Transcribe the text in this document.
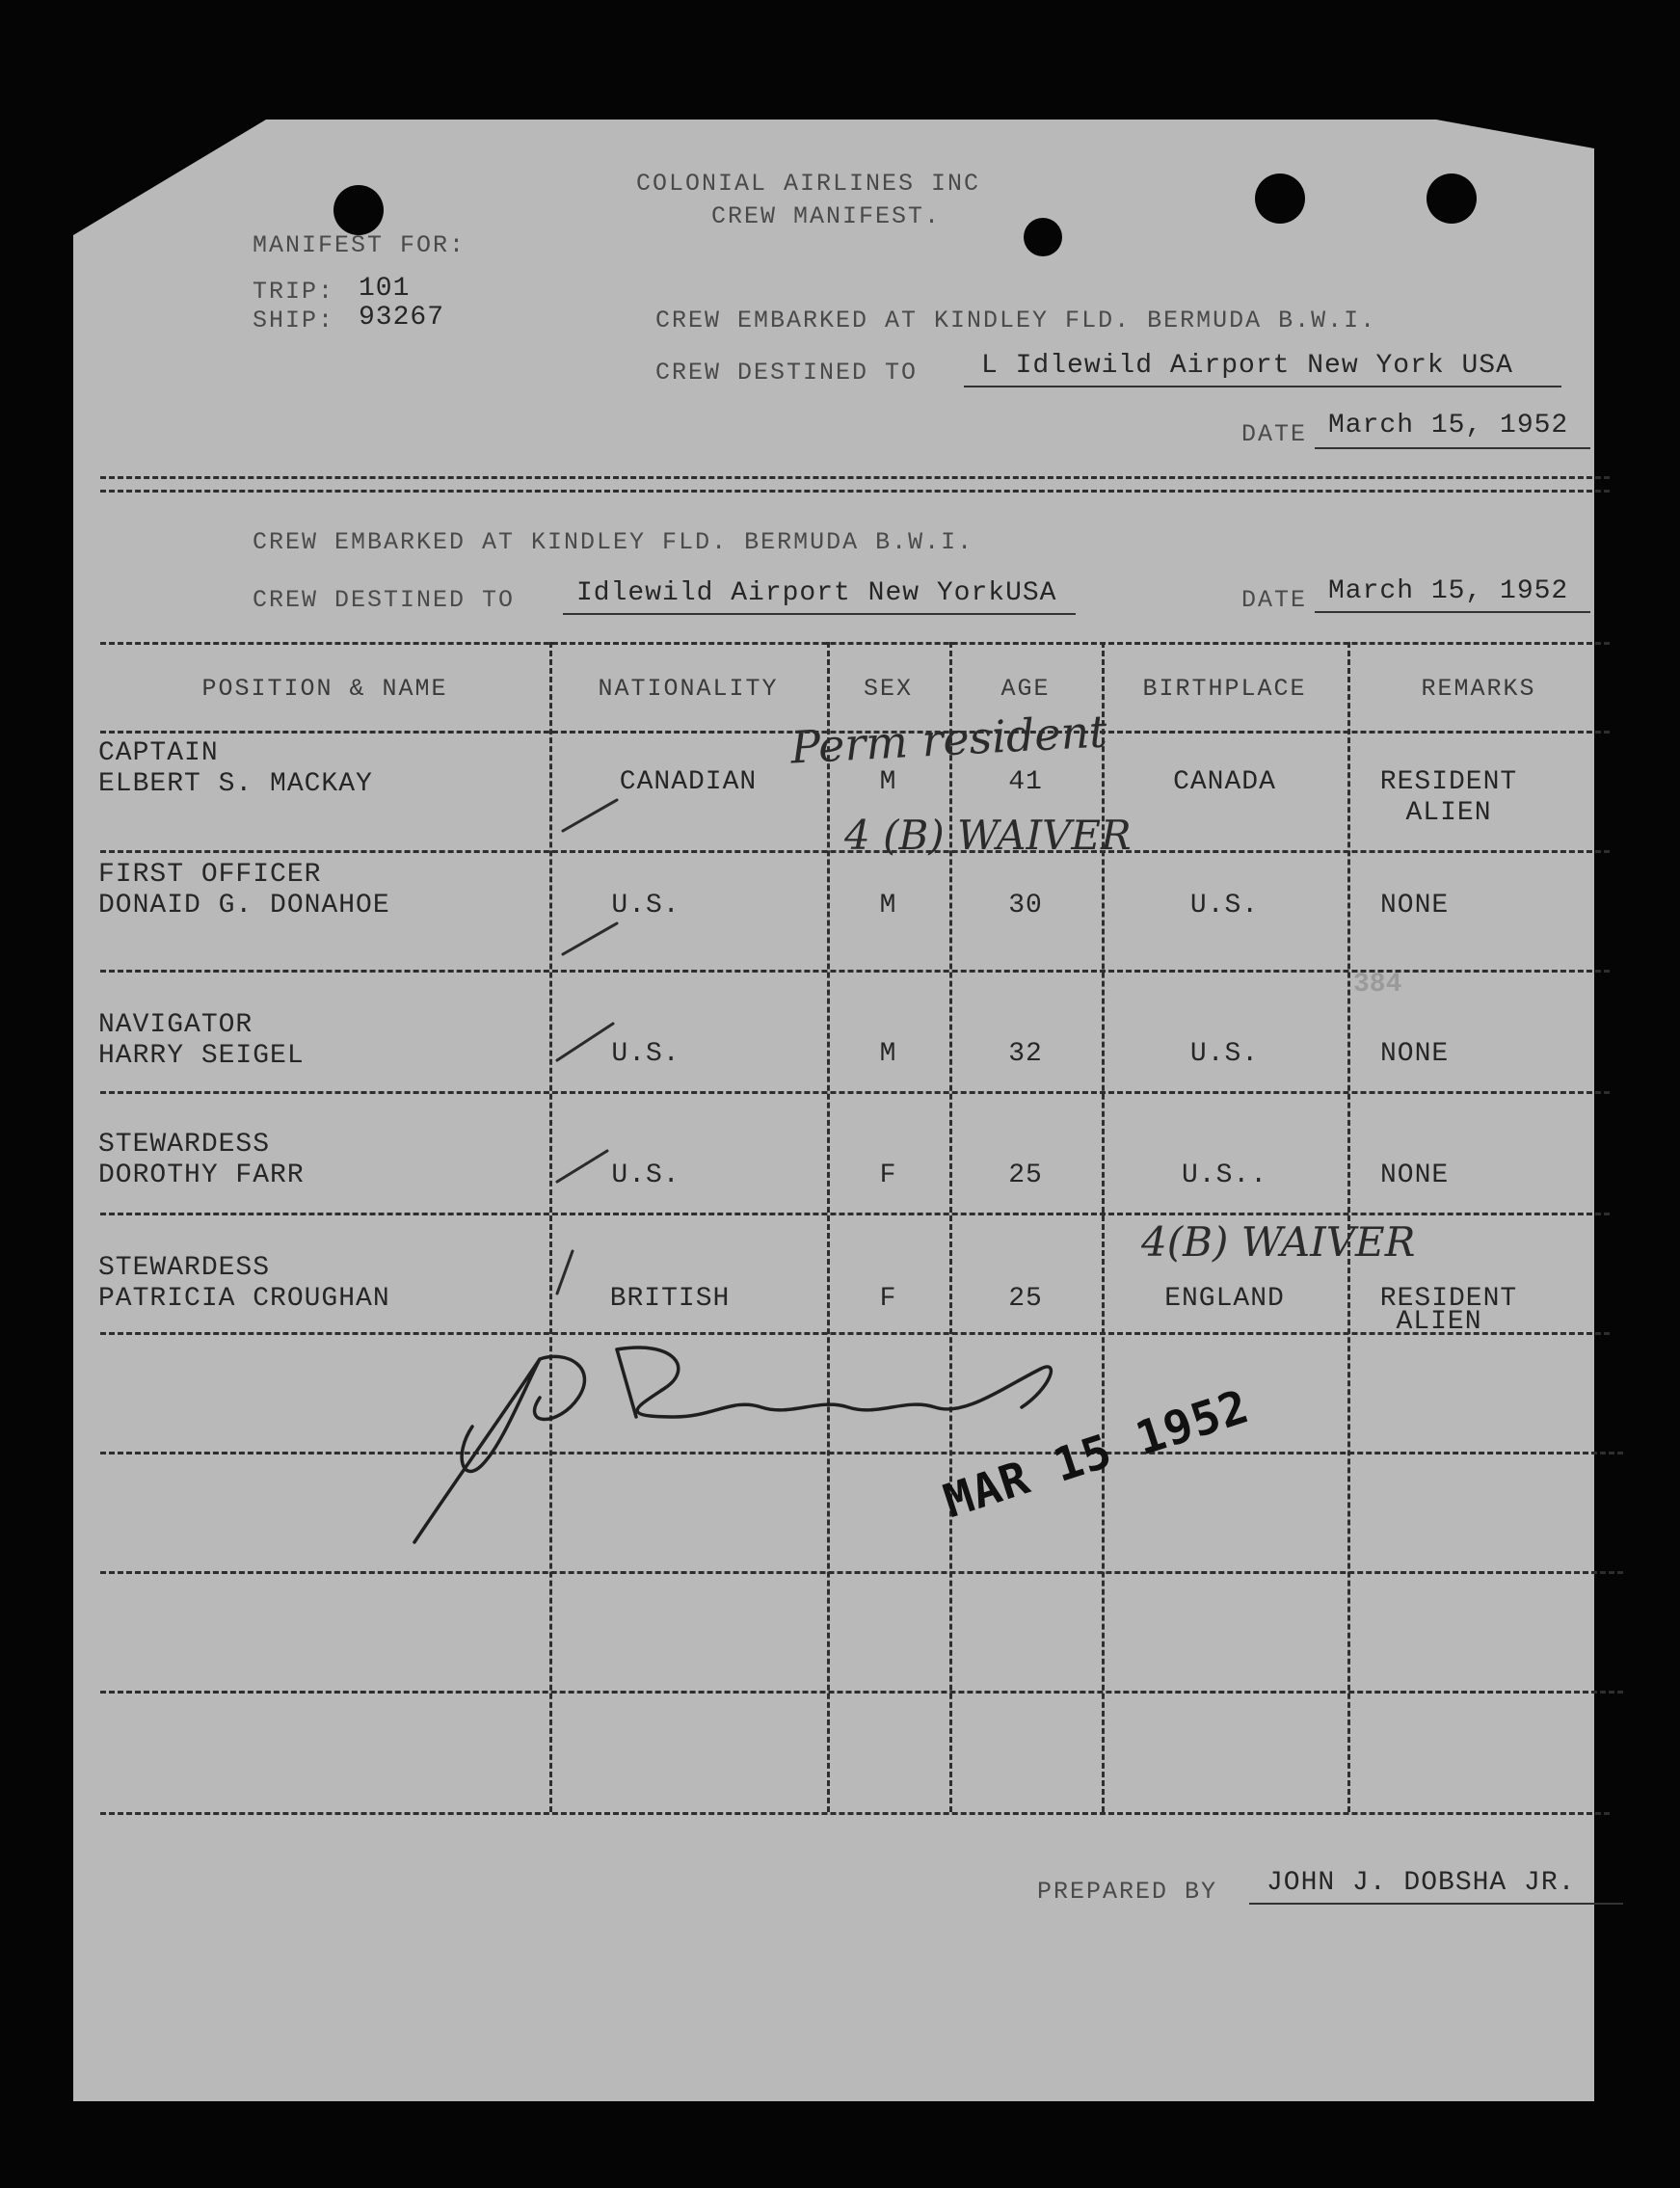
COLONIAL AIRLINES INC
CREW MANIFEST.
MANIFEST FOR:
TRIP: 101
SHIP: 93267	CREW EMBARKED AT KINDLEY FLD. BERMUDA B.W.I.
CREW DESTINED TO L Idlewild Airport New York USA
DATE March 15, 1952
CREW EMBARKED AT KINDLEY FLD. BERMUDA B.W.I.
CREW DESTINED TO Idlewild Airport New YorkUSA	DATE March 15, 1952
POSITION & NAME	NATIONALITY	SEX	AGE	BIRTHPLACE	REMARKS
CAPTAIN
ELBERT S. MACKAY	CANADIAN	M	41	CANADA	RESIDENT
ALIEN
FIRST OFFICER
DONAID G. DONAHOE	U.S.	M	30	U.S.	NONE
NAVIGATOR
HARRY SEIGEL	U.S.	M	32	U.S.	NONE
STEWARDESS
DOROTHY FARR	U.S.	F	25	U.S..	NONE
STEWARDESS
PATRICIA CROUGHAN	BRITISH	F	25	ENGLAND	RESIDENT
ALIEN
Perm resident
4 (B) WAIVER
4(B) WAIVER
384
MAR 15 1952
PREPARED BY JOHN J. DOBSHA JR.
